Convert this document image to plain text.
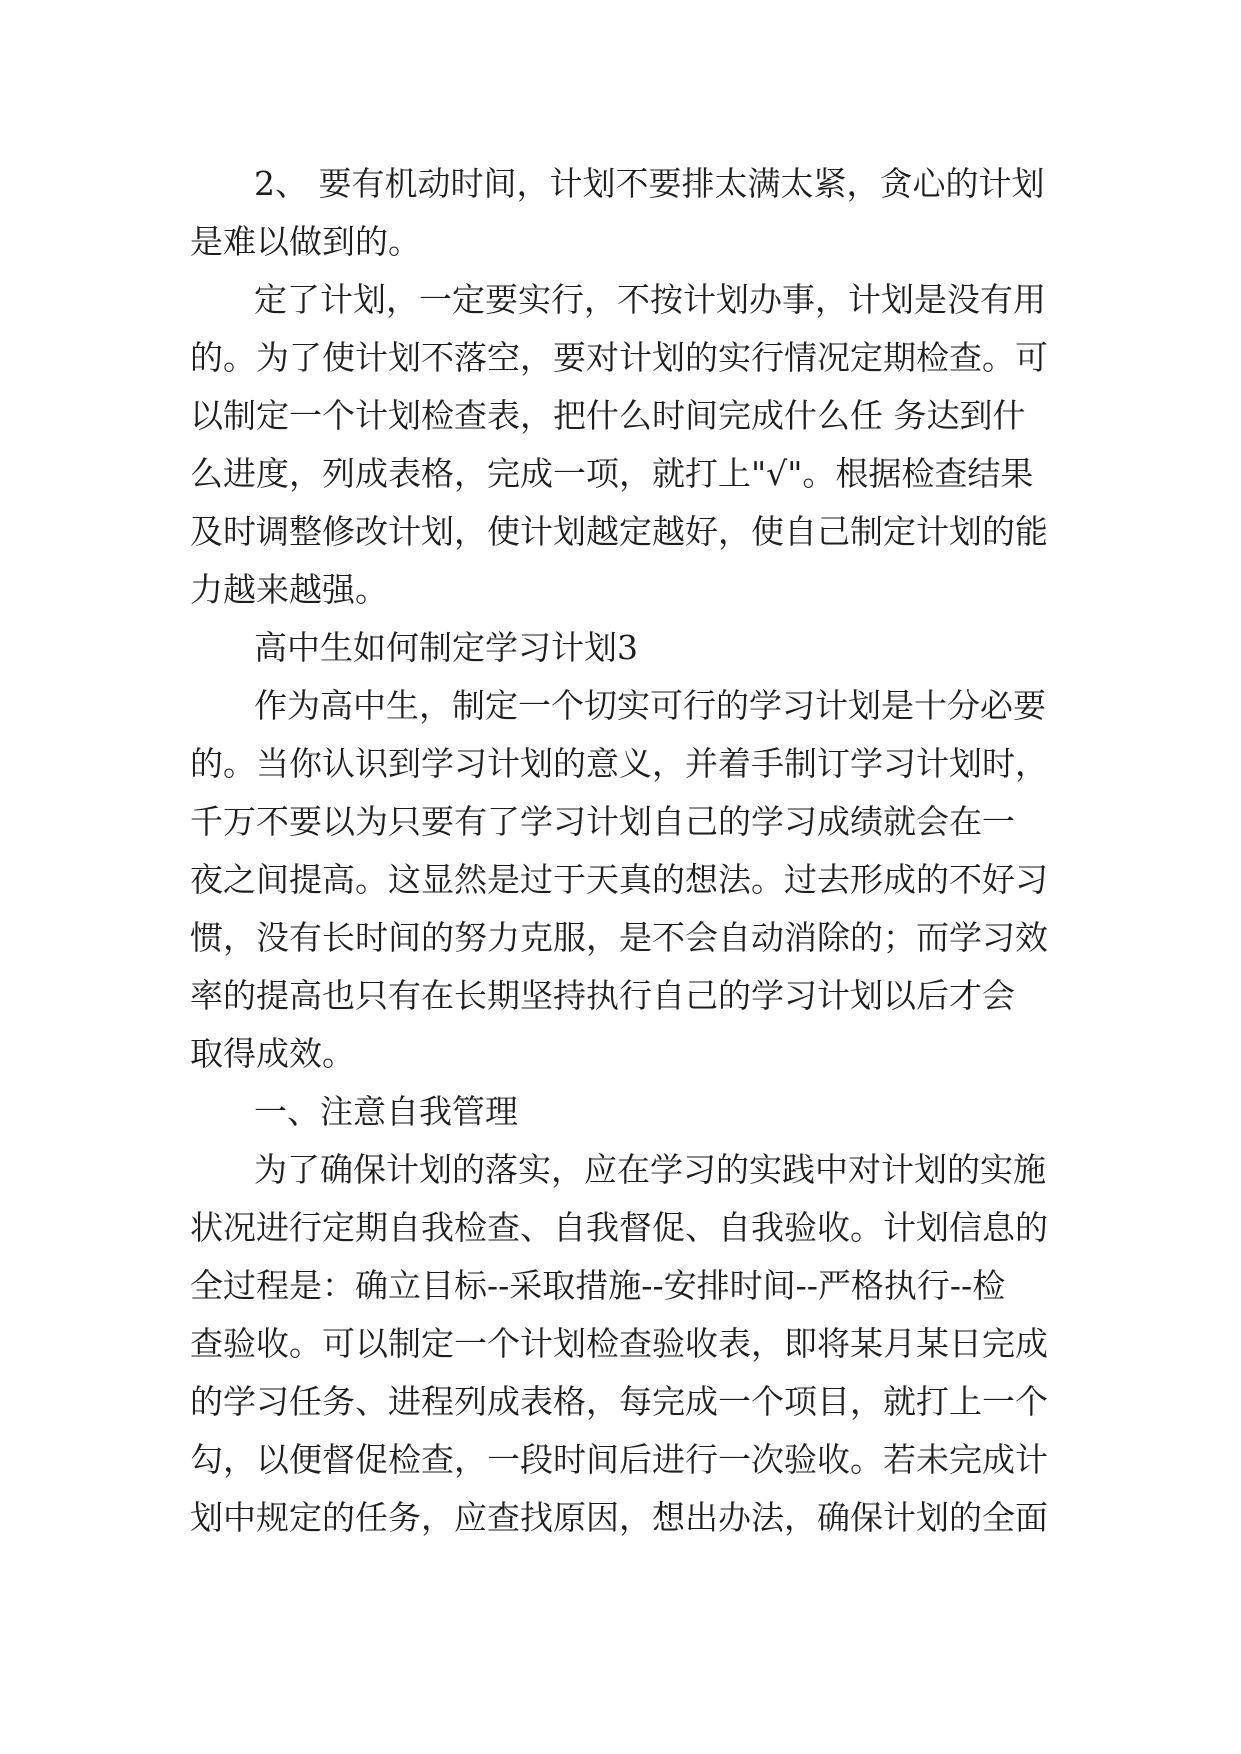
2、 要有机动时间，计划不要排太满太紧，贪心的计划
是难以做到的。
定了计划，一定要实行，不按计划办事，计划是没有用
的。为了使计划不落空，要对计划的实行情况定期检查。可
以制定一个计划检查表，把什么时间完成什么任 务达到什
么进度，列成表格，完成一项，就打上"√"。根据检查结果
及时调整修改计划，使计划越定越好，使自己制定计划的能
力越来越强。
高中生如何制定学习计划3
作为高中生，制定一个切实可行的学习计划是十分必要
的。当你认识到学习计划的意义，并着手制订学习计划时，
千万不要以为只要有了学习计划自己的学习成绩就会在一
夜之间提高。这显然是过于天真的想法。过去形成的不好习
惯，没有长时间的努力克服，是不会自动消除的；而学习效
率的提高也只有在长期坚持执行自己的学习计划以后才会
取得成效。
一、注意自我管理
为了确保计划的落实，应在学习的实践中对计划的实施
状况进行定期自我检查、自我督促、自我验收。计划信息的
全过程是：确立目标--采取措施--安排时间--严格执行--检
查验收。可以制定一个计划检查验收表，即将某月某日完成
的学习任务、进程列成表格，每完成一个项目，就打上一个
勾，以便督促检查，一段时间后进行一次验收。若未完成计
划中规定的任务，应查找原因，想出办法，确保计划的全面
